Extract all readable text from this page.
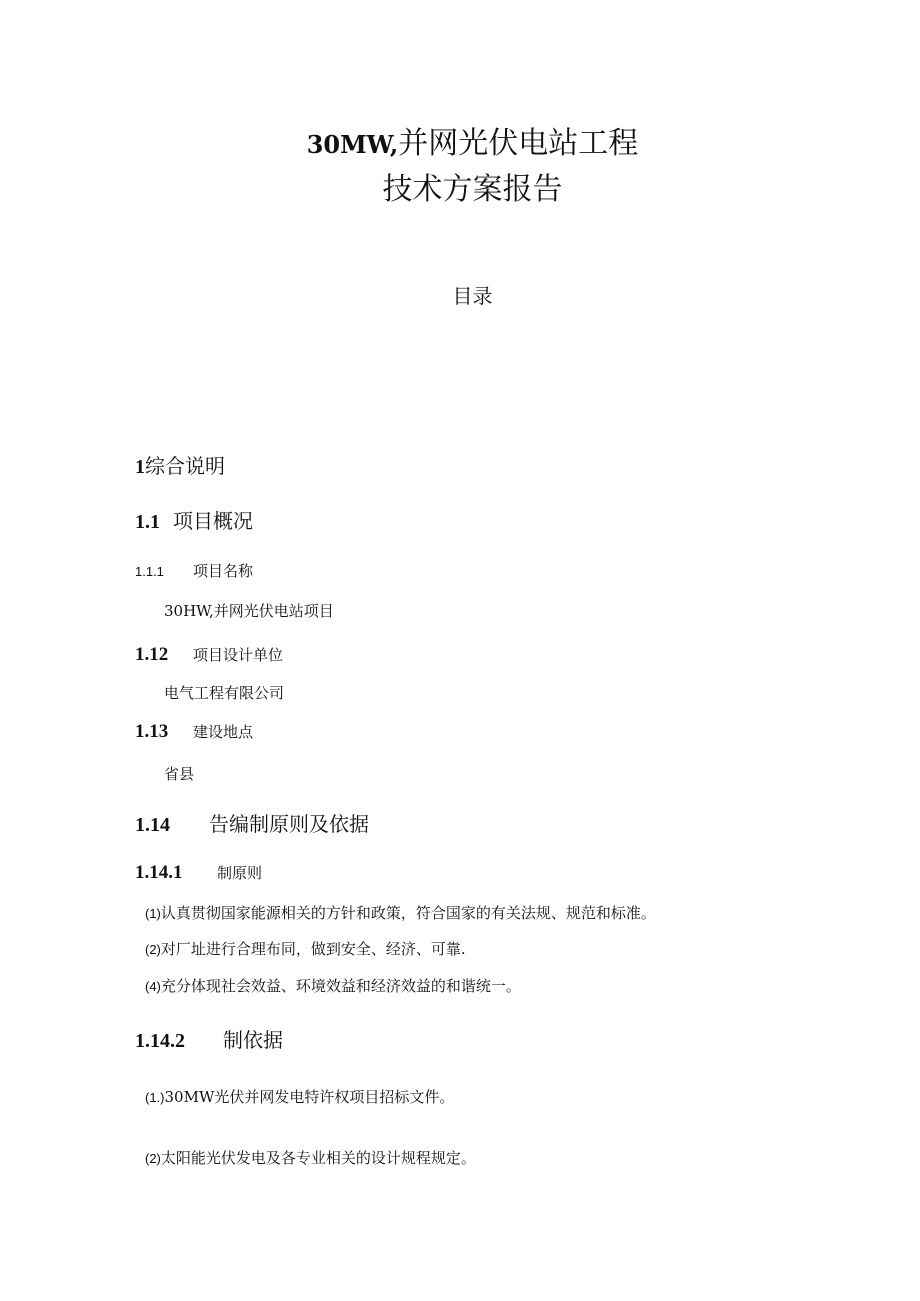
30MW,并网光伏电站工程
技术方案报告
目录
1综合说明
1.1 项目概况
1.1.1 项目名称
30HW,并网光伏电站项目
1.12 项目设计单位
电气工程有限公司
1.13 建设地点
省县
1.14 告编制原则及依据
1.14.1 制原则
(1)认真贯彻国家能源相关的方针和政策，符合国家的有关法规、规范和标准。
(2)对厂址进行合理布同，做到安全、经济、可靠.
(4)充分体现社会效益、环境效益和经济效益的和谐统一。
1.14.2 制依据
(1.)30MW光伏并网发电特许权项目招标文件。
(2)太阳能光伏发电及各专业相关的设计规程规定。
